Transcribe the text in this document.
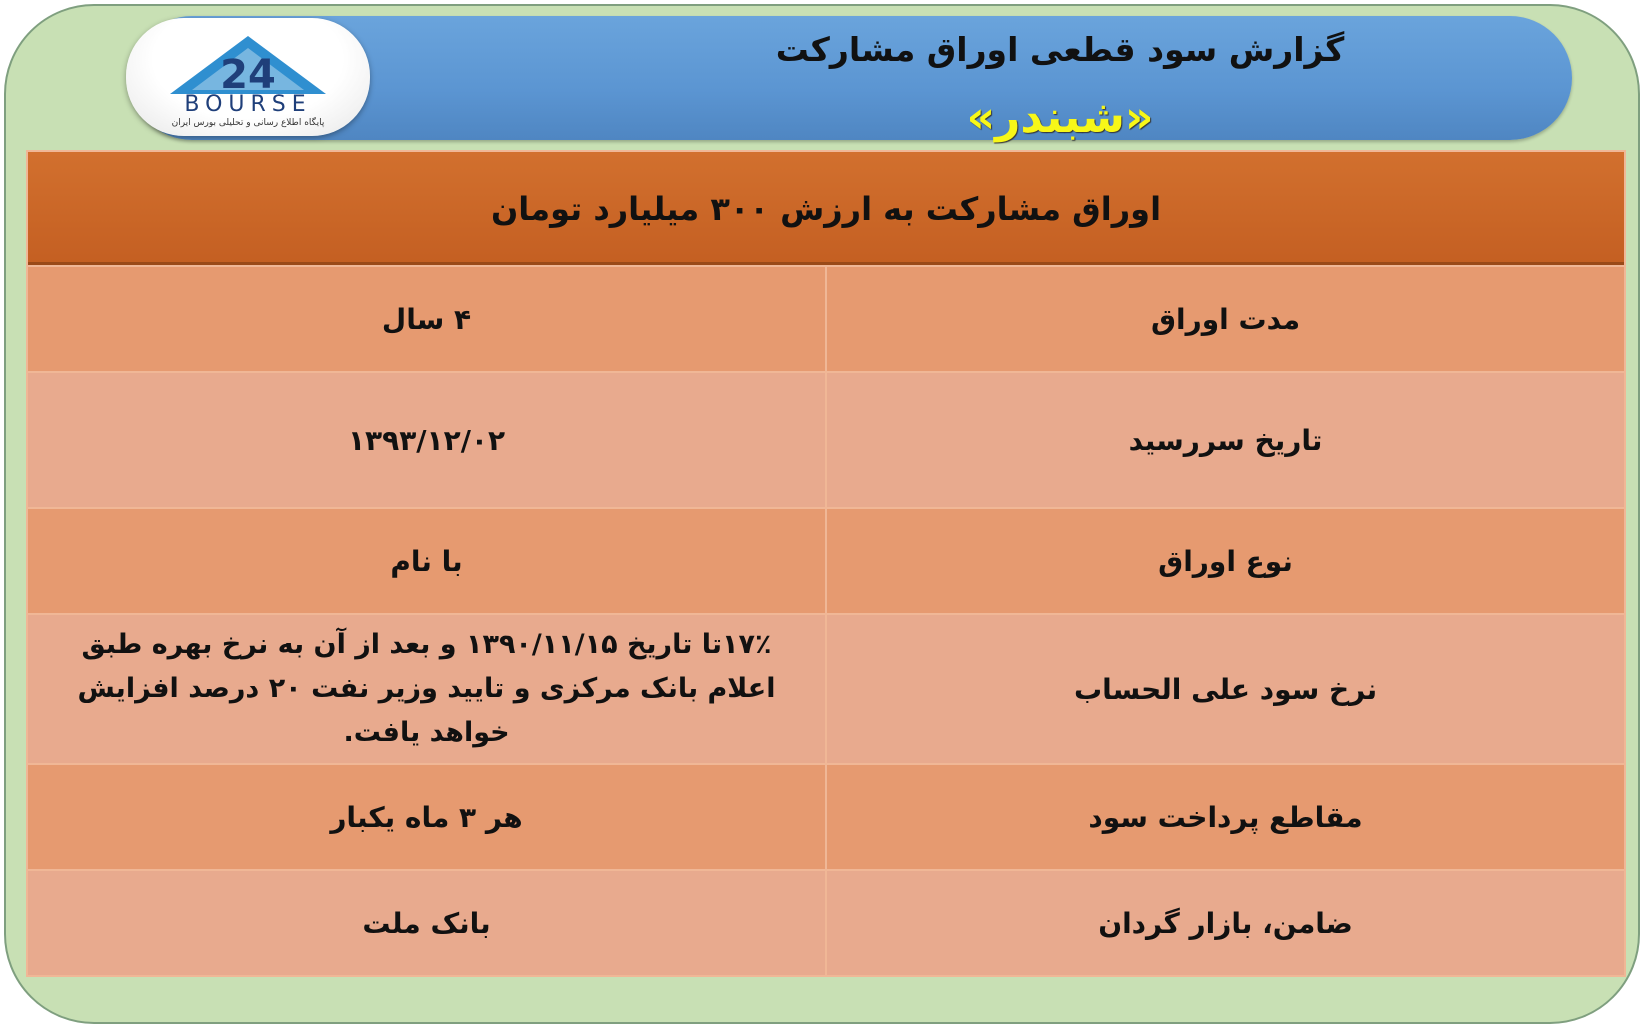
گزارش سود قطعی اوراق مشارکت
«شبندر»
24
BOURSE
پایگاه اطلاع رسانی و تحلیلی بورس ایران
اوراق مشارکت به ارزش ۳۰۰ میلیارد تومان	
مدت اوراق	۴ سال
تاریخ سررسید	۱۳۹۳/۱۲/۰۲
نوع اوراق	با نام
نرخ سود علی الحساب	۱۷٪تا تاریخ ۱۳۹۰/۱۱/۱۵ و بعد از آن به نرخ بهره طبق اعلام بانک مرکزی و تایید وزیر نفت ۲۰ درصد افزایش خواهد یافت.
مقاطع پرداخت سود	هر ۳ ماه یکبار
ضامن، بازار گردان	بانک ملت
